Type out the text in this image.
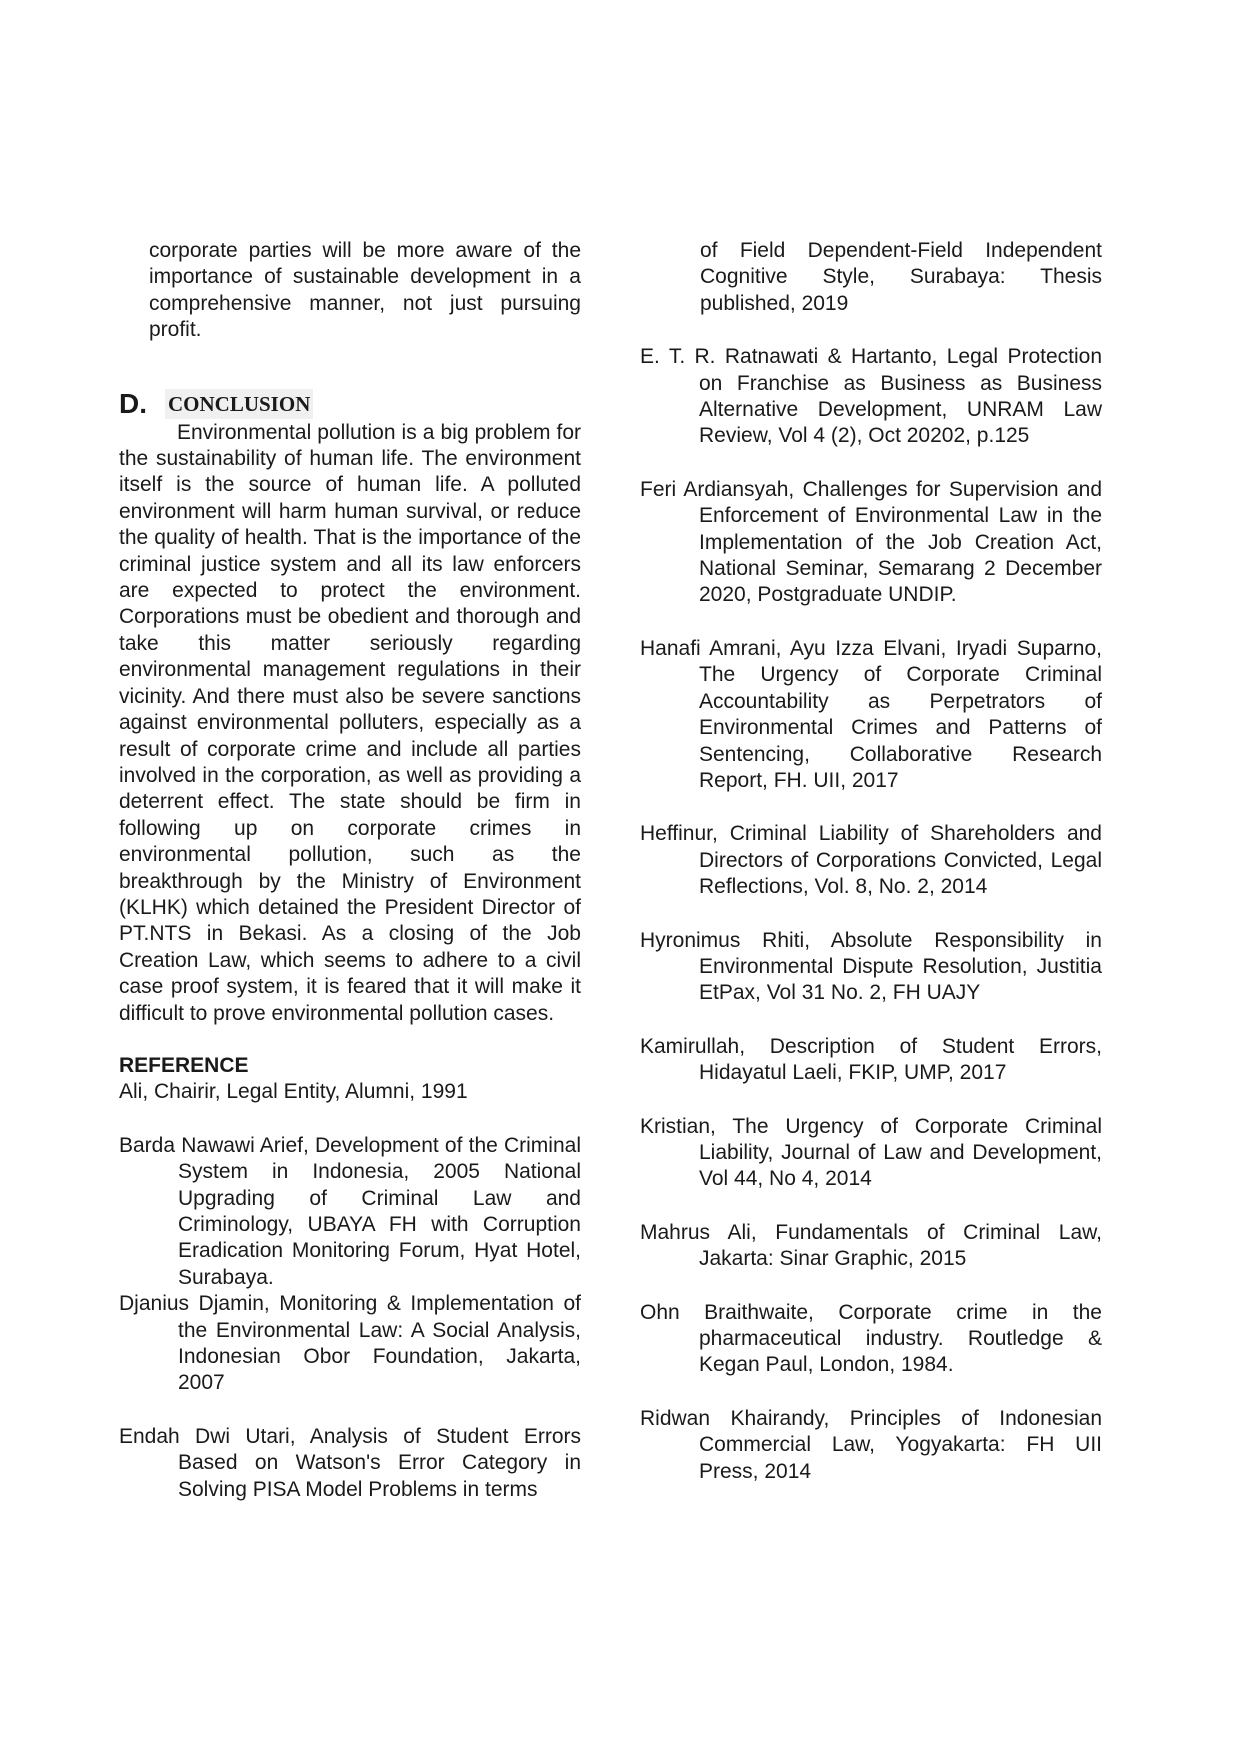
corporate parties will be more aware of the importance of sustainable development in a comprehensive manner, not just pursuing profit.

D.	CONCLUSION

Environmental pollution is a big problem for the sustainability of human life. The environment itself is the source of human life. A polluted environment will harm human survival, or reduce the quality of health. That is the importance of the criminal justice system and all its law enforcers are expected to protect the environment. Corporations must be obedient and thorough and take this matter seriously regarding environmental management regulations in their vicinity. And there must also be severe sanctions against environmental polluters, especially as a result of corporate crime and include all parties involved in the corporation, as well as providing a deterrent effect. The state should be firm in following up on corporate crimes in environmental pollution, such as the breakthrough by the Ministry of Environment (KLHK) which detained the President Director of PT.NTS in Bekasi. As a closing of the Job Creation Law, which seems to adhere to a civil case proof system, it is feared that it will make it difficult to prove environmental pollution cases.

REFERENCE

Ali, Chairir, Legal Entity, Alumni, 1991

Barda Nawawi Arief, Development of the Criminal System in Indonesia, 2005 National Upgrading of Criminal Law and Criminology, UBAYA FH with Corruption Eradication Monitoring Forum, Hyat Hotel, Surabaya.

Djanius Djamin, Monitoring & Implementation of the Environmental Law: A Social Analysis, Indonesian Obor Foundation, Jakarta, 2007

Endah Dwi Utari, Analysis of Student Errors Based on Watson's Error Category in Solving PISA Model Problems in terms

of Field Dependent-Field Independent Cognitive Style, Surabaya: Thesis published, 2019

E. T. R. Ratnawati & Hartanto, Legal Protection on Franchise as Business as Business Alternative Development, UNRAM Law Review, Vol 4 (2), Oct 20202, p.125

Feri Ardiansyah, Challenges for Supervision and Enforcement of Environmental Law in the Implementation of the Job Creation Act, National Seminar, Semarang 2 December 2020, Postgraduate UNDIP.

Hanafi Amrani, Ayu Izza Elvani, Iryadi Suparno, The Urgency of Corporate Criminal Accountability as Perpetrators of Environmental Crimes and Patterns of Sentencing, Collaborative Research Report, FH. UII, 2017

Heffinur, Criminal Liability of Shareholders and Directors of Corporations Convicted, Legal Reflections, Vol. 8, No. 2, 2014

Hyronimus Rhiti, Absolute Responsibility in Environmental Dispute Resolution, Justitia EtPax, Vol 31 No. 2, FH UAJY

Kamirullah, Description of Student Errors, Hidayatul Laeli, FKIP, UMP, 2017

Kristian, The Urgency of Corporate Criminal Liability, Journal of Law and Development, Vol 44, No 4, 2014

Mahrus Ali, Fundamentals of Criminal Law, Jakarta: Sinar Graphic, 2015

Ohn Braithwaite, Corporate crime in the pharmaceutical industry. Routledge & Kegan Paul, London, 1984.

Ridwan Khairandy, Principles of Indonesian Commercial Law, Yogyakarta: FH UII Press, 2014
